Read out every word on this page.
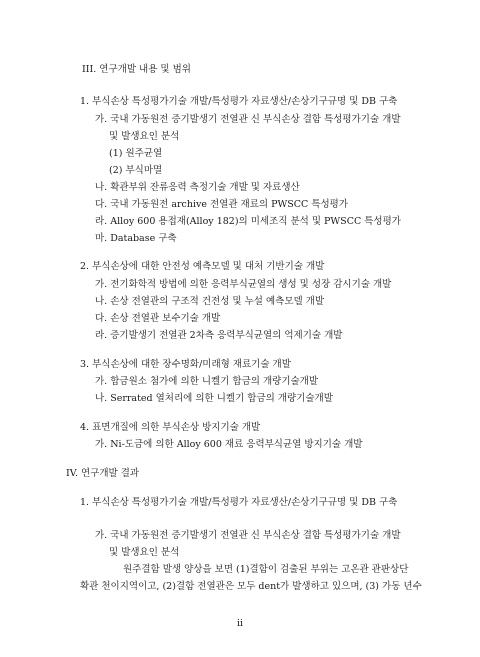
III. 연구개발 내용 및 범위
1. 부식손상 특성평가기술 개발/특성평가 자료생산/손상기구규명 및 DB 구축
가. 국내 가동원전 증기발생기 전열관 신 부식손상 결함 특성평가기술 개발
및 발생요인 분석
(1) 원주균열
(2) 부식마멸
나. 확관부위 잔류응력 측정기술 개발 및 자료생산
다. 국내 가동원전 archive 전열관 재료의 PWSCC 특성평가
라. Alloy 600 용접재(Alloy 182)의 미세조직 분석 및 PWSCC 특성평가
마. Database 구축
2. 부식손상에 대한 안전성 예측모델 및 대처 기반기술 개발
가. 전기화학적 방법에 의한 응력부식균열의 생성 및 성장 감시기술 개발
나. 손상 전열관의 구조적 건전성 및 누설 예측모델 개발
다. 손상 전열관 보수기술 개발
라. 증기발생기 전열관 2차측 응력부식균열의 억제기술 개발
3. 부식손상에 대한 장수명화/미래형 재료기술 개발
가. 합금원소 첨가에 의한 니켈기 합금의 개량기술개발
나. Serrated 열처리에 의한 니켈기 합금의 개량기술개발
4. 표면개질에 의한 부식손상 방지기술 개발
가. Ni-도금에 의한 Alloy 600 재료 응력부식균열 방지기술 개발
IV. 연구개발 결과
1. 부식손상 특성평가기술 개발/특성평가 자료생산/손상기구규명 및 DB 구축
가. 국내 가동원전 증기발생기 전열관 신 부식손상 결함 특성평가기술 개발
및 발생요인 분석
원주결함 발생 양상을 보면 (1)결함이 검출된 부위는 고온관 관판상단
확관 천이지역이고, (2)결함 전열관은 모두 dent가 발생하고 있으며, (3) 가동 년수
ii
